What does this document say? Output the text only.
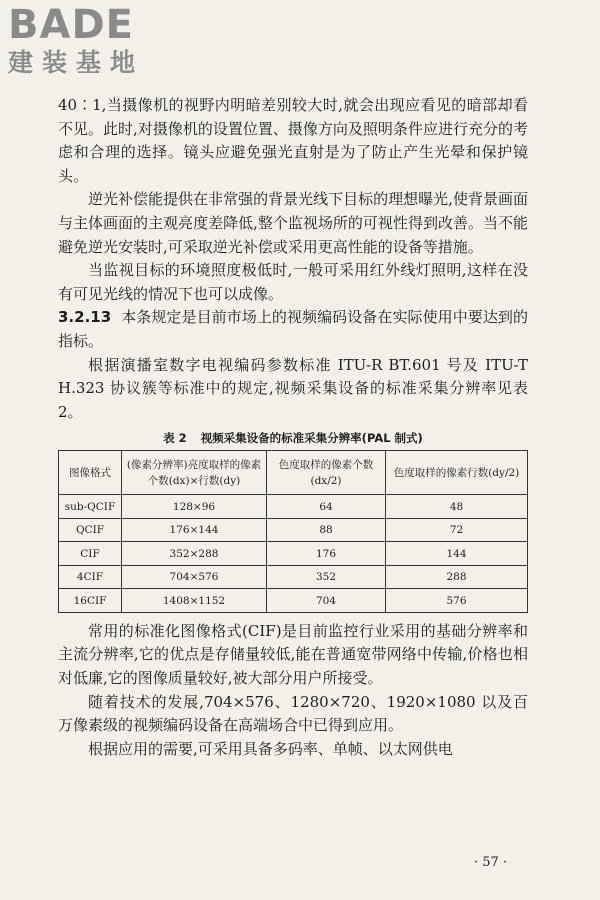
BADE
建装基地

40∶1,当摄像机的视野内明暗差别较大时,就会出现应看见的暗部却看不见。此时,对摄像机的设置位置、摄像方向及照明条件应进行充分的考虑和合理的选择。镜头应避免强光直射是为了防止产生光晕和保护镜头。

逆光补偿能提供在非常强的背景光线下目标的理想曝光,使背景画面与主体画面的主观亮度差降低,整个监视场所的可视性得到改善。当不能避免逆光安装时,可采取逆光补偿或采用更高性能的设备等措施。

当监视目标的环境照度极低时,一般可采用红外线灯照明,这样在没有可见光线的情况下也可以成像。

3.2.13 本条规定是目前市场上的视频编码设备在实际使用中要达到的指标。

根据演播室数字电视编码参数标准 ITU-R BT.601 号及 ITU-T H.323 协议簇等标准中的规定,视频采集设备的标准采集分辨率见表 2。

表 2 视频采集设备的标准采集分辨率(PAL 制式)
图像格式	(像素分辨率)亮度取样的像素个数(dx)×行数(dy)	色度取样的像素个数(dx/2)	色度取样的像素行数(dy/2)
sub-QCIF	128×96	64	48
QCIF	176×144	88	72
CIF	352×288	176	144
4CIF	704×576	352	288
16CIF	1408×1152	704	576

常用的标准化图像格式(CIF)是目前监控行业采用的基础分辨率和主流分辨率,它的优点是存储量较低,能在普通宽带网络中传输,价格也相对低廉,它的图像质量较好,被大部分用户所接受。

随着技术的发展,704×576、1280×720、1920×1080 以及百万像素级的视频编码设备在高端场合中已得到应用。

根据应用的需要,可采用具备多码率、单帧、以太网供电

· 57 ·
